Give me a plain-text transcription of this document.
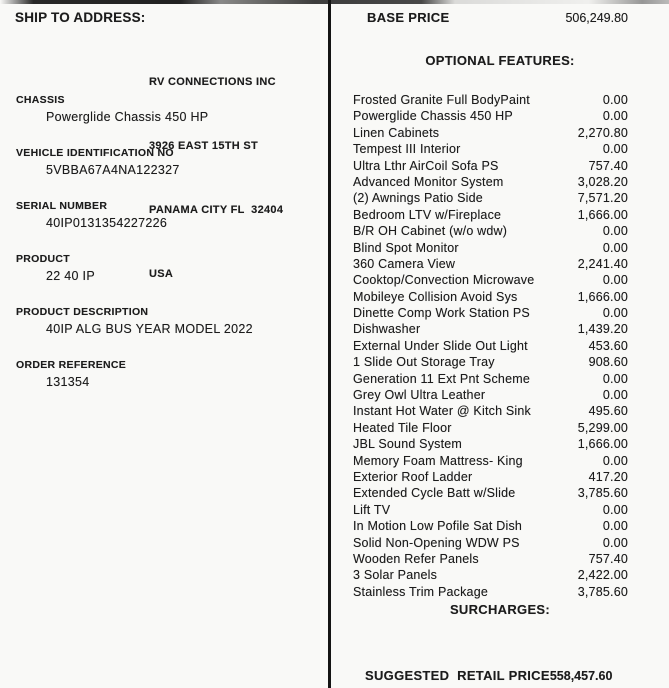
SHIP TO ADDRESS:

RV CONNECTIONS INC

3926 EAST 15TH ST

PANAMA CITY FL  32404

USA

CHASSIS
Powerglide Chassis 450 HP
VEHICLE IDENTIFICATION NO
5VBBA67A4NA122327
SERIAL NUMBER
40IP0131354227226
PRODUCT
22 40 IP
PRODUCT DESCRIPTION
40IP ALG BUS YEAR MODEL 2022
ORDER REFERENCE
131354
BASE PRICE	506,249.80
OPTIONAL FEATURES:
Frosted Granite Full BodyPaint	0.00
Powerglide Chassis 450 HP	0.00
Linen Cabinets	2,270.80
Tempest III Interior	0.00
Ultra Lthr AirCoil Sofa PS	757.40
Advanced Monitor System	3,028.20
(2) Awnings Patio Side	7,571.20
Bedroom LTV w/Fireplace	1,666.00
B/R OH Cabinet (w/o wdw)	0.00
Blind Spot Monitor	0.00
360 Camera View	2,241.40
Cooktop/Convection Microwave	0.00
Mobileye Collision Avoid Sys	1,666.00
Dinette Comp Work Station PS	0.00
Dishwasher	1,439.20
External Under Slide Out Light	453.60
1 Slide Out Storage Tray	908.60
Generation 11 Ext Pnt Scheme	0.00
Grey Owl Ultra Leather	0.00
Instant Hot Water @ Kitch Sink	495.60
Heated Tile Floor	5,299.00
JBL Sound System	1,666.00
Memory Foam Mattress- King	0.00
Exterior Roof Ladder	417.20
Extended Cycle Batt w/Slide	3,785.60
Lift TV	0.00
In Motion Low Pofile Sat Dish	0.00
Solid Non-Opening WDW PS	0.00
Wooden Refer Panels	757.40
3 Solar Panels	2,422.00
Stainless Trim Package	3,785.60
SURCHARGES:
SUGGESTED  RETAIL PRICE 558,457.60
